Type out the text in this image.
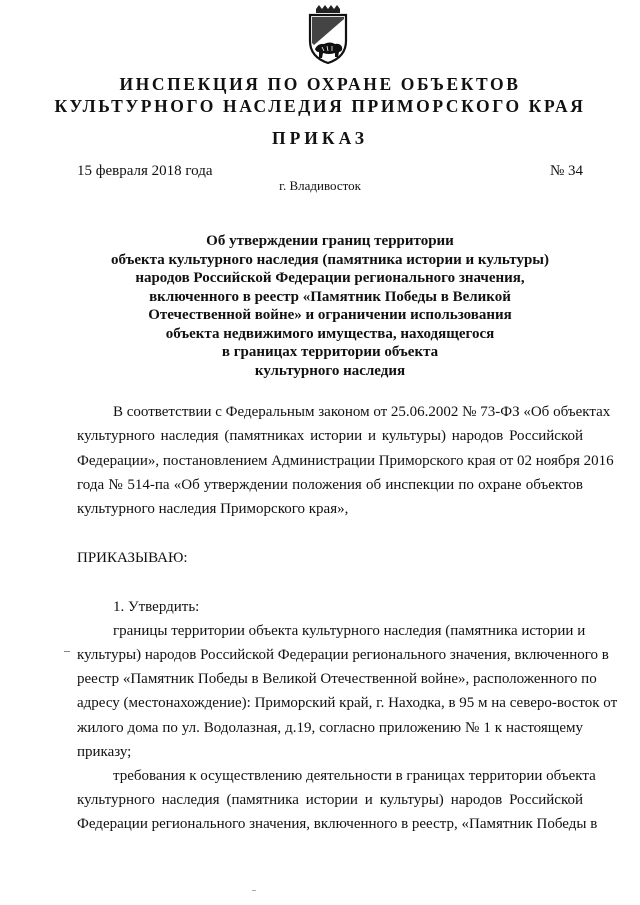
ИНСПЕКЦИЯ ПО ОХРАНЕ ОБЪЕКТОВ
КУЛЬТУРНОГО НАСЛЕДИЯ ПРИМОРСКОГО КРАЯ
ПРИКАЗ
15 февраля 2018 года	№ 34
г. Владивосток
Об утверждении границ территории
объекта культурного наследия (памятника истории и культуры)
народов Российской Федерации регионального значения,
включенного в реестр «Памятник Победы в Великой
Отечественной войне» и ограничении использования
объекта недвижимого имущества, находящегося
в границах территории объекта
культурного наследия
В соответствии с Федеральным законом от 25.06.2002 № 73-ФЗ «Об объектах
культурного наследия (памятниках истории и культуры) народов Российской
Федерации», постановлением Администрации Приморского края от 02 ноября 2016
года № 514-па «Об утверждении положения об инспекции по охране объектов
культурного наследия Приморского края»,
ПРИКАЗЫВАЮ:
1. Утвердить:
границы территории объекта культурного наследия (памятника истории и
культуры) народов Российской Федерации регионального значения, включенного в
реестр «Памятник Победы в Великой Отечественной войне», расположенного по
адресу (местонахождение): Приморский край, г. Находка, в 95 м на северо-восток от
жилого дома по ул. Водолазная, д.19, согласно приложению № 1 к настоящему
приказу;
требования к осуществлению деятельности в границах территории объекта
культурного наследия (памятника истории и культуры) народов Российской
Федерации регионального значения, включенного в реестр, «Памятник Победы в
